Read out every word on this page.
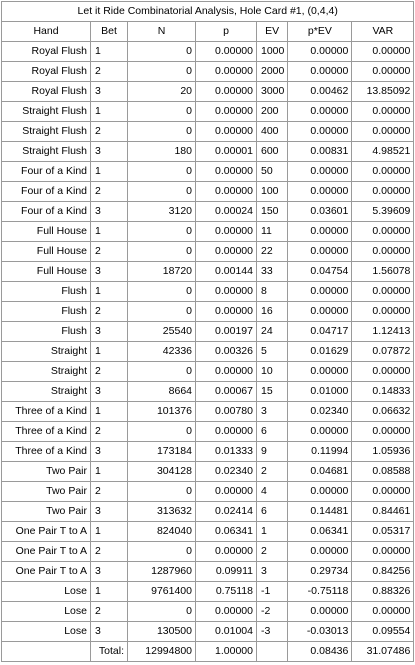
Let it Ride Combinatorial Analysis, Hole Card #1, (0,4,4)						
Hand	Bet	N	p	EV	p*EV	VAR
Royal Flush	1	0	0.00000	1000	0.00000	0.00000
Royal Flush	2	0	0.00000	2000	0.00000	0.00000
Royal Flush	3	20	0.00000	3000	0.00462	13.85092
Straight Flush	1	0	0.00000	200	0.00000	0.00000
Straight Flush	2	0	0.00000	400	0.00000	0.00000
Straight Flush	3	180	0.00001	600	0.00831	4.98521
Four of a Kind	1	0	0.00000	50	0.00000	0.00000
Four of a Kind	2	0	0.00000	100	0.00000	0.00000
Four of a Kind	3	3120	0.00024	150	0.03601	5.39609
Full House	1	0	0.00000	11	0.00000	0.00000
Full House	2	0	0.00000	22	0.00000	0.00000
Full House	3	18720	0.00144	33	0.04754	1.56078
Flush	1	0	0.00000	8	0.00000	0.00000
Flush	2	0	0.00000	16	0.00000	0.00000
Flush	3	25540	0.00197	24	0.04717	1.12413
Straight	1	42336	0.00326	5	0.01629	0.07872
Straight	2	0	0.00000	10	0.00000	0.00000
Straight	3	8664	0.00067	15	0.01000	0.14833
Three of a Kind	1	101376	0.00780	3	0.02340	0.06632
Three of a Kind	2	0	0.00000	6	0.00000	0.00000
Three of a Kind	3	173184	0.01333	9	0.11994	1.05936
Two Pair	1	304128	0.02340	2	0.04681	0.08588
Two Pair	2	0	0.00000	4	0.00000	0.00000
Two Pair	3	313632	0.02414	6	0.14481	0.84461
One Pair T to A	1	824040	0.06341	1	0.06341	0.05317
One Pair T to A	2	0	0.00000	2	0.00000	0.00000
One Pair T to A	3	1287960	0.09911	3	0.29734	0.84256
Lose	1	9761400	0.75118	-1	-0.75118	0.88326
Lose	2	0	0.00000	-2	0.00000	0.00000
Lose	3	130500	0.01004	-3	-0.03013	0.09554
	Total:	12994800	1.00000		0.08436	31.07486
